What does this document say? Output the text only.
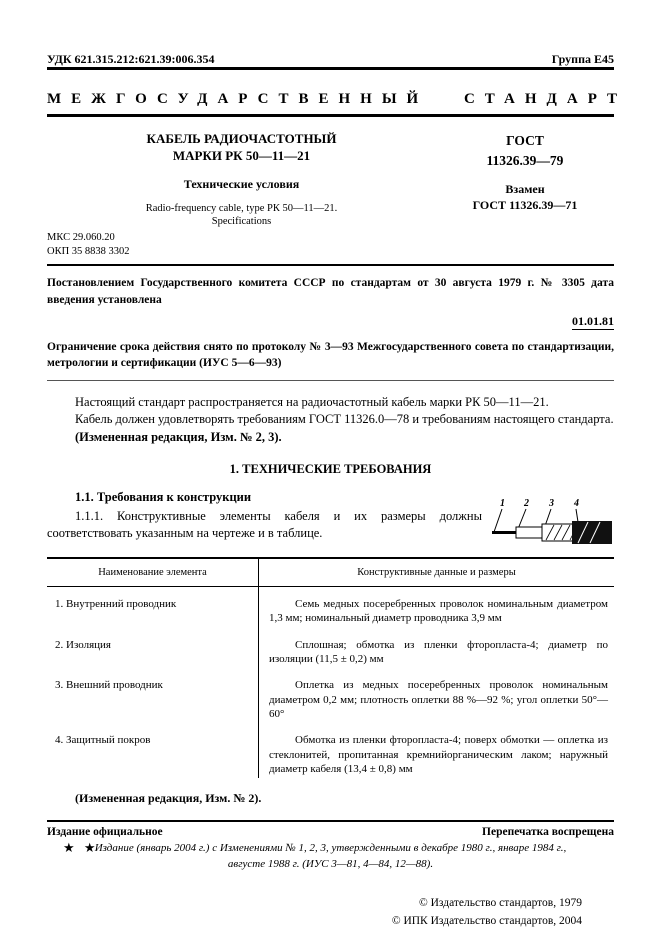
УДК 621.315.212:621.39:006.354	Группа Е45
МЕЖГОСУДАРСТВЕННЫЙ СТАНДАРТ
КАБЕЛЬ РАДИОЧАСТОТНЫЙ
МАРКИ РК 50—11—21
Технические условия
Radio-frequency cable, type РК 50—11—21.
Specifications
ГОСТ
11326.39—79
Взамен
ГОСТ 11326.39—71
МКС 29.060.20
ОКП 35 8838 3302
Постановлением Государственного комитета СССР по стандартам от 30 августа 1979 г. № 3305 дата введения установлена
01.01.81
Ограничение срока действия снято по протоколу № 3—93 Межгосударственного совета по стандартизации, метрологии и сертификации (ИУС 5—6—93)

Настоящий стандарт распространяется на радиочастотный кабель марки РК 50—11—21.

Кабель должен удовлетворять требованиям ГОСТ 11326.0—78 и требованиям настоящего стандарта.

(Измененная редакция, Изм. № 2, 3).

1. ТЕХНИЧЕСКИЕ ТРЕБОВАНИЯ
1.1. Требования к конструкции	1 2 3 4

1.1.1. Конструктивные элементы кабеля и их размеры должны соответствовать указанным на чертеже и в таблице.

Наименование элемента	Конструктивные данные и размеры
1. Внутренний проводник	Семь медных посеребренных проволок номинальным диаметром 1,3 мм; номинальный диаметр проводника 3,9 мм
2. Изоляция	Сплошная; обмотка из пленки фторопласта-4; диаметр по изоляции (11,5 ± 0,2) мм
3. Внешний проводник	Оплетка из медных посеребренных проволок номинальным диаметром 0,2 мм; плотность оплетки 88 %—92 %; угол оплетки 50°—60°
4. Защитный покров	Обмотка из пленки фторопласта-4; поверх обмотки — оплетка из стеклонитей, пропитанная кремнийорганическим лаком; наружный диаметр кабеля (13,4 ± 0,8) мм
(Измененная редакция, Изм. № 2).
Издание официальное	Перепечатка воспрещена
★ ★
Издание (январь 2004 г.) с Изменениями № 1, 2, 3, утвержденными в декабре 1980 г., январе 1984 г., августе 1988 г. (ИУС 3—81, 4—84, 12—88).
© Издательство стандартов, 1979
© ИПК Издательство стандартов, 2004
